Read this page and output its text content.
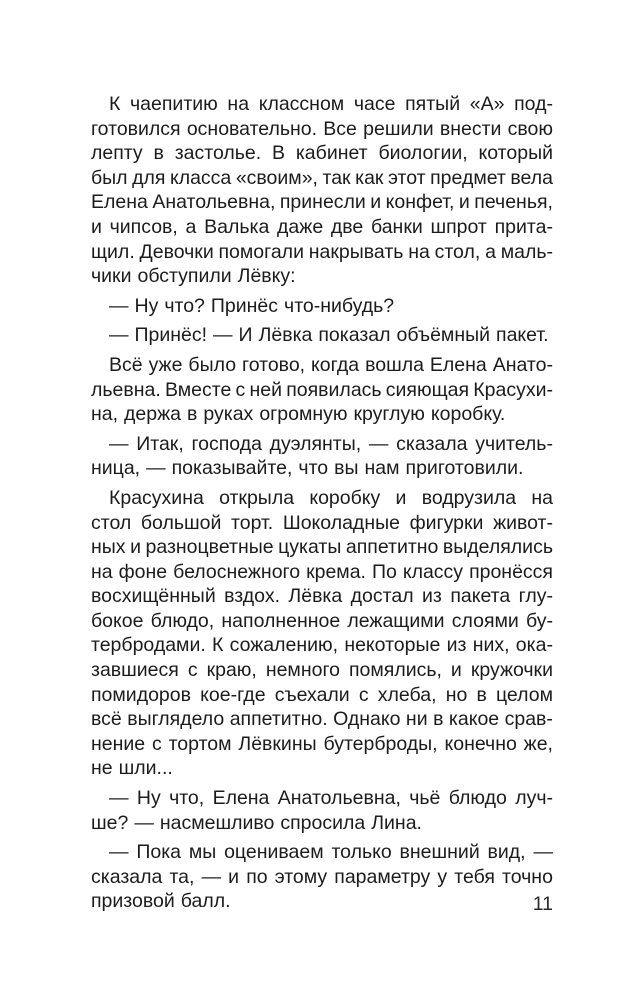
К чаепитию на классном часе пятый «А» под-
готовился основательно. Все решили внести свою
лепту в застолье. В кабинет биологии, который
был для класса «своим», так как этот предмет вела
Елена Анатольевна, принесли и конфет, и печенья,
и чипсов, а Валька даже две банки шпрот прита-
щил. Девочки помогали накрывать на стол, а маль-
чики обступили Лёвку:
— Ну что? Принёс что-нибудь?
— Принёс! — И Лёвка показал объёмный пакет.
Всё уже было готово, когда вошла Елена Анато-
льевна. Вместе с ней появилась сияющая Красухи-
на, держа в руках огромную круглую коробку.
— Итак, господа дуэлянты, — сказала учитель-
ница, — показывайте, что вы нам приготовили.
Красухина открыла коробку и водрузила на
стол большой торт. Шоколадные фигурки живот-
ных и разноцветные цукаты аппетитно выделялись
на фоне белоснежного крема. По классу пронёсся
восхищённый вздох. Лёвка достал из пакета глу-
бокое блюдо, наполненное лежащими слоями бу-
тербродами. К сожалению, некоторые из них, ока-
завшиеся с краю, немного помялись, и кружочки
помидоров кое-где съехали с хлеба, но в целом
всё выглядело аппетитно. Однако ни в какое срав-
нение с тортом Лёвкины бутерброды, конечно же,
не шли...
— Ну что, Елена Анатольевна, чьё блюдо луч-
ше? — насмешливо спросила Лина.
— Пока мы оцениваем только внешний вид, —
сказала та, — и по этому параметру у тебя точно
призовой балл.	11
